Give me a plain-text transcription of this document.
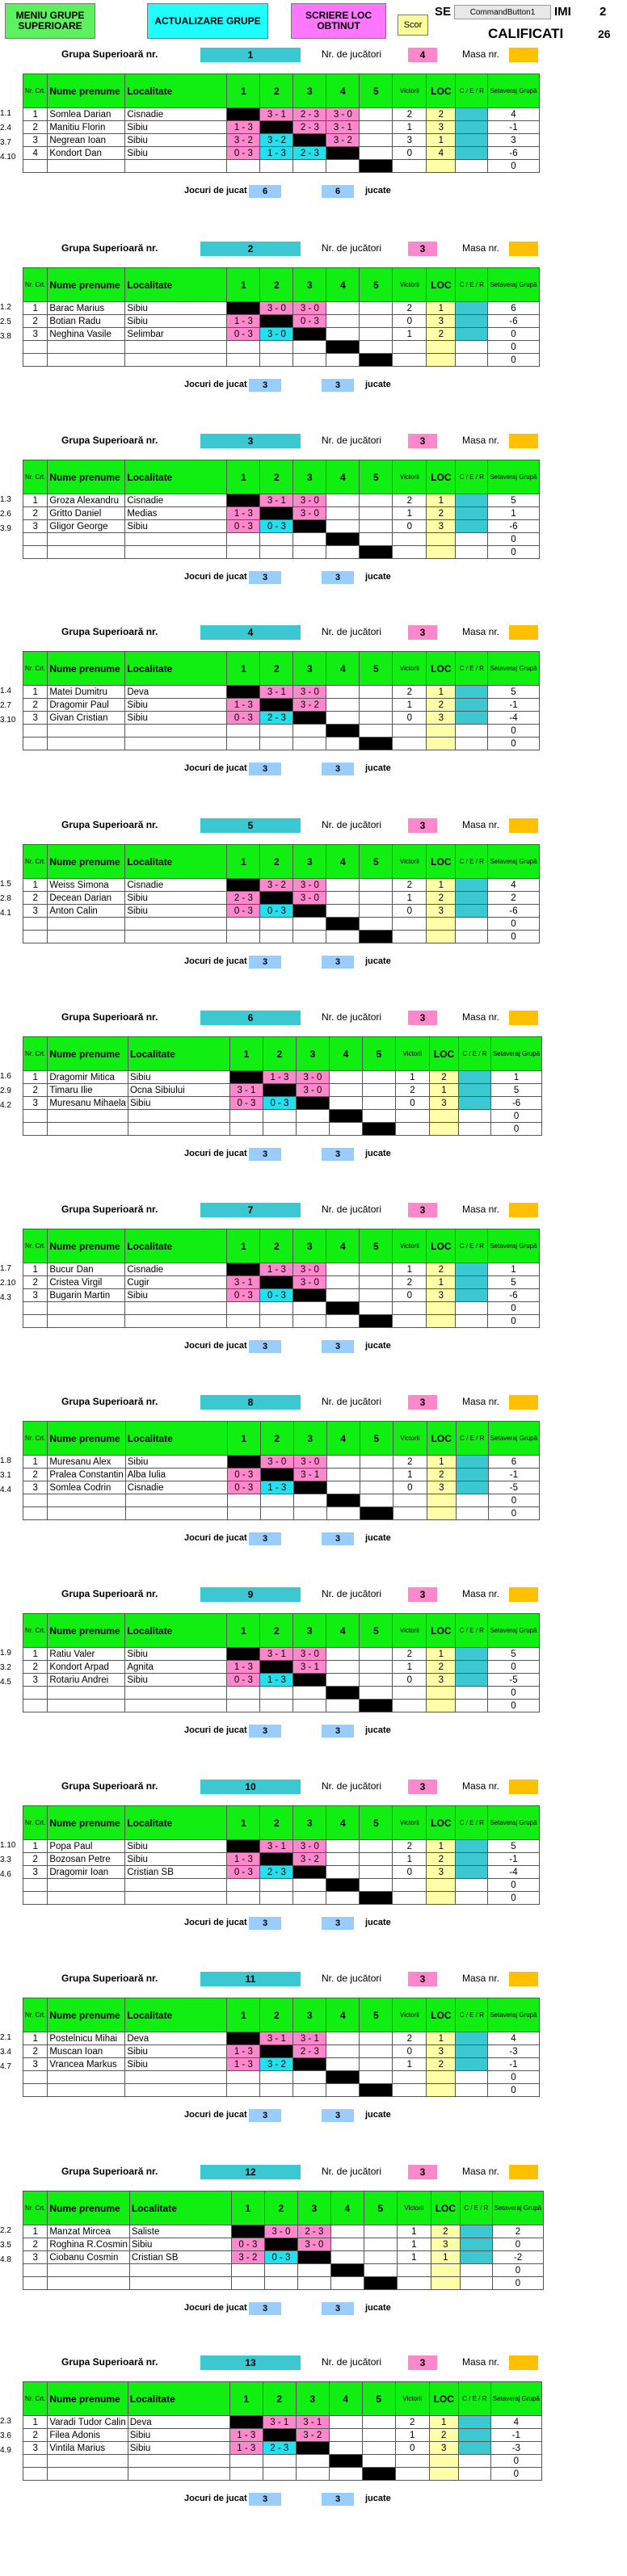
MENIU GRUPE SUPERIOARE	ACTUALIZARE GRUPE	SCRIERE LOC OBTINUT	Scor
SE	CommandButton1	IMI 2
CALIFICATI	26
Grupa Superioară nr.	1	Nr. de jucători	4	Masa nr.
Nr. Crt.	Nume prenume	Localitate	1	2	3	4	5	Victorii	LOC	C / E / R	Setaveraj Grupă
1	Somlea Darian	Cisnadie		3 - 1	2 - 3	3 - 0		2	2		4
2	Manitiu Florin	Sibiu	1 - 3		2 - 3	3 - 1		1	3		-1
3	Negrean Ioan	Sibiu	3 - 2	3 - 2		3 - 2		3	1		3
4	Kondort Dan	Sibiu	0 - 3	1 - 3	2 - 3			0	4		-6
											0
Jocuri de jucat	6	6	jucate
1.1
2.4
3.7
4.10
Grupa Superioară nr.	2	Nr. de jucători	3	Masa nr.
Nr. Crt.	Nume prenume	Localitate	1	2	3	4	5	Victorii	LOC	C / E / R	Setaveraj Grupă
1	Barac Marius	Sibiu		3 - 0	3 - 0			2	1		6
2	Botian Radu	Sibiu	1 - 3		0 - 3			0	3		-6
3	Neghina Vasile	Selimbar	0 - 3	3 - 0				1	2		0
											0
											0
Jocuri de jucat	3	3	jucate
1.2
2.5
3.8
Grupa Superioară nr.	3	Nr. de jucători	3	Masa nr.
Nr. Crt.	Nume prenume	Localitate	1	2	3	4	5	Victorii	LOC	C / E / R	Setaveraj Grupă
1	Groza Alexandru	Cisnadie		3 - 1	3 - 0			2	1		5
2	Gritto Daniel	Medias	1 - 3		3 - 0			1	2		1
3	Gligor George	Sibiu	0 - 3	0 - 3				0	3		-6
											0
											0
Jocuri de jucat	3	3	jucate
1.3
2.6
3.9
Grupa Superioară nr.	4	Nr. de jucători	3	Masa nr.
Nr. Crt.	Nume prenume	Localitate	1	2	3	4	5	Victorii	LOC	C / E / R	Setaveraj Grupă
1	Matei Dumitru	Deva		3 - 1	3 - 0			2	1		5
2	Dragomir Paul	Sibiu	1 - 3		3 - 2			1	2		-1
3	Givan Cristian	Sibiu	0 - 3	2 - 3				0	3		-4
											0
											0
Jocuri de jucat	3	3	jucate
1.4
2.7
3.10
Grupa Superioară nr.	5	Nr. de jucători	3	Masa nr.
Nr. Crt.	Nume prenume	Localitate	1	2	3	4	5	Victorii	LOC	C / E / R	Setaveraj Grupă
1	Weiss Simona	Cisnadie		3 - 2	3 - 0			2	1		4
2	Decean Darian	Sibiu	2 - 3		3 - 0			1	2		2
3	Anton Calin	Sibiu	0 - 3	0 - 3				0	3		-6
											0
											0
Jocuri de jucat	3	3	jucate
1.5
2.8
4.1
Grupa Superioară nr.	6	Nr. de jucători	3	Masa nr.
Nr. Crt.	Nume prenume	Localitate	1	2	3	4	5	Victorii	LOC	C / E / R	Setaveraj Grupă
1	Dragomir Mitica	Sibiu		1 - 3	3 - 0			1	2		1
2	Timaru Ilie	Ocna Sibiului	3 - 1		3 - 0			2	1		5
3	Muresanu Mihaela	Sibiu	0 - 3	0 - 3				0	3		-6
											0
											0
Jocuri de jucat	3	3	jucate
1.6
2.9
4.2
Grupa Superioară nr.	7	Nr. de jucători	3	Masa nr.
Nr. Crt.	Nume prenume	Localitate	1	2	3	4	5	Victorii	LOC	C / E / R	Setaveraj Grupă
1	Bucur Dan	Cisnadie		1 - 3	3 - 0			1	2		1
2	Cristea Virgil	Cugir	3 - 1		3 - 0			2	1		5
3	Bugarin Martin	Sibiu	0 - 3	0 - 3				0	3		-6
											0
											0
Jocuri de jucat	3	3	jucate
1.7
2.10
4.3
Grupa Superioară nr.	8	Nr. de jucători	3	Masa nr.
Nr. Crt.	Nume prenume	Localitate	1	2	3	4	5	Victorii	LOC	C / E / R	Setaveraj Grupă
1	Muresanu Alex	Sibiu		3 - 0	3 - 0			2	1		6
2	Pralea Constantin	Alba Iulia	0 - 3		3 - 1			1	2		-1
3	Somlea Codrin	Cisnadie	0 - 3	1 - 3				0	3		-5
											0
											0
Jocuri de jucat	3	3	jucate
1.8
3.1
4.4
Grupa Superioară nr.	9	Nr. de jucători	3	Masa nr.
Nr. Crt.	Nume prenume	Localitate	1	2	3	4	5	Victorii	LOC	C / E / R	Setaveraj Grupă
1	Ratiu Valer	Sibiu		3 - 1	3 - 0			2	1		5
2	Kondort Arpad	Agnita	1 - 3		3 - 1			1	2		0
3	Rotariu Andrei	Sibiu	0 - 3	1 - 3				0	3		-5
											0
											0
Jocuri de jucat	3	3	jucate
1.9
3.2
4.5
Grupa Superioară nr.	10	Nr. de jucători	3	Masa nr.
Nr. Crt.	Nume prenume	Localitate	1	2	3	4	5	Victorii	LOC	C / E / R	Setaveraj Grupă
1	Popa Paul	Sibiu		3 - 1	3 - 0			2	1		5
2	Bozosan Petre	Sibiu	1 - 3		3 - 2			1	2		-1
3	Dragomir Ioan	Cristian SB	0 - 3	2 - 3				0	3		-4
											0
											0
Jocuri de jucat	3	3	jucate
1.10
3.3
4.6
Grupa Superioară nr.	11	Nr. de jucători	3	Masa nr.
Nr. Crt.	Nume prenume	Localitate	1	2	3	4	5	Victorii	LOC	C / E / R	Setaveraj Grupă
1	Postelnicu Mihai	Deva		3 - 1	3 - 1			2	1		4
2	Muscan Ioan	Sibiu	1 - 3		2 - 3			0	3		-3
3	Vrancea Markus	Sibiu	1 - 3	3 - 2				1	2		-1
											0
											0
Jocuri de jucat	3	3	jucate
2.1
3.4
4.7
Grupa Superioară nr.	12	Nr. de jucători	3	Masa nr.
Nr. Crt.	Nume prenume	Localitate	1	2	3	4	5	Victorii	LOC	C / E / R	Setaveraj Grupă
1	Manzat Mircea	Saliste		3 - 0	2 - 3			1	2		2
2	Roghina R.Cosmin	Sibiu	0 - 3		3 - 0			1	3		0
3	Ciobanu Cosmin	Cristian SB	3 - 2	0 - 3				1	1		-2
											0
											0
Jocuri de jucat	3	3	jucate
2.2
3.5
4.8
Grupa Superioară nr.	13	Nr. de jucători	3	Masa nr.
Nr. Crt.	Nume prenume	Localitate	1	2	3	4	5	Victorii	LOC	C / E / R	Setaveraj Grupă
1	Varadi Tudor Calin	Deva		3 - 1	3 - 1			2	1		4
2	Filea Adonis	Sibiu	1 - 3		3 - 2			1	2		-1
3	Vintila Marius	Sibiu	1 - 3	2 - 3				0	3		-3
											0
											0
Jocuri de jucat	3	3	jucate
2.3
3.6
4.9
